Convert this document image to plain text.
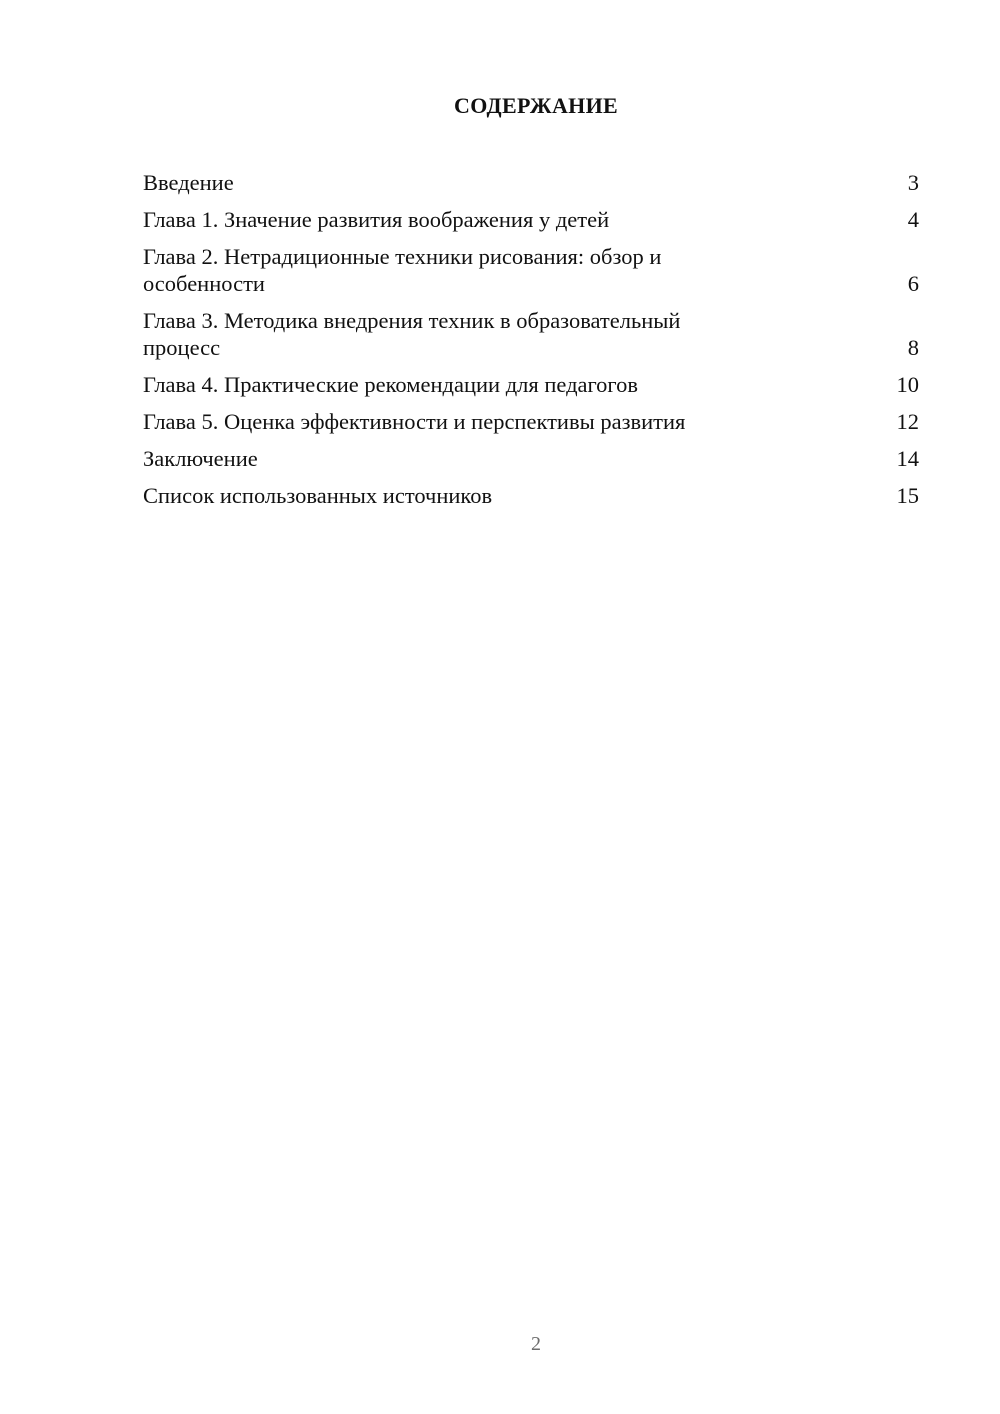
СОДЕРЖАНИЕ
Введение	3
Глава 1. Значение развития воображения у детей	4
Глава 2. Нетрадиционные техники рисования: обзор и особенности	6
Глава 3. Методика внедрения техник в образовательный процесс	8
Глава 4. Практические рекомендации для педагогов	10
Глава 5. Оценка эффективности и перспективы развития	12
Заключение	14
Список использованных источников	15
2
